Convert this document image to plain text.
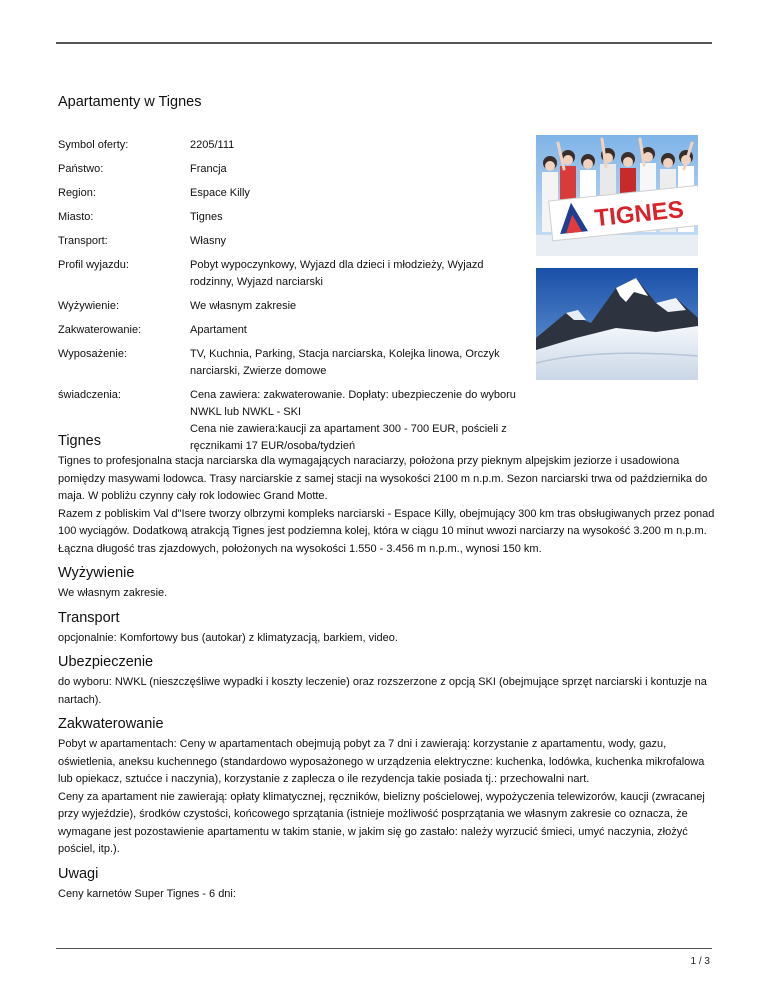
Apartamenty w Tignes
Symbol oferty:	2205/111
Państwo:	Francja
Region:	Espace Killy
Miasto:	Tignes
Transport:	Własny
Profil wyjazdu:	Pobyt wypoczynkowy, Wyjazd dla dzieci i młodzieży, Wyjazd rodzinny, Wyjazd narciarski
Wyżywienie:	We własnym zakresie
Zakwaterowanie:	Apartament
Wyposażenie:	TV, Kuchnia, Parking, Stacja narciarska, Kolejka linowa, Orczyk narciarski, Zwierze domowe
świadczenia:	Cena zawiera: zakwaterowanie. Dopłaty: ubezpieczenie do wyboru NWKL lub NWKL - SKI
Cena nie zawiera:kaucji za apartament 300 - 700 EUR, pościeli z ręcznikami 17 EUR/osoba/tydzień
TIGNES
Tignes

Tignes to profesjonalna stacja narciarska dla wymagających naraciarzy, położona przy pieknym alpejskim jeziorze i usadowiona pomiędzy masywami lodowca. Trasy narciarskie z samej stacji na wysokości 2100 m n.p.m. Sezon narciarski trwa od października do maja. W pobliżu czynny cały rok lodowiec Grand Motte.

Razem z pobliskim Val d"Isere tworzy olbrzymi kompleks narciarski - Espace Killy, obejmujący 300 km tras obsługiwanych przez ponad 100 wyciągów. Dodatkową atrakcją Tignes jest podziemna kolej, która w ciągu 10 minut wwozi narciarzy na wysokość 3.200 m n.p.m. Łączna długość tras zjazdowych, położonych na wysokości 1.550 - 3.456 m n.p.m., wynosi 150 km.

Wyżywienie

We własnym zakresie.

Transport

opcjonalnie: Komfortowy bus (autokar) z klimatyzacją, barkiem, video.

Ubezpieczenie

do wyboru: NWKL (nieszczęśliwe wypadki i koszty leczenie) oraz rozszerzone z opcją SKI (obejmujące sprzęt narciarski i kontuzje na nartach).

Zakwaterowanie

Pobyt w apartamentach: Ceny w apartamentach obejmują pobyt za 7 dni i zawierają: korzystanie z apartamentu, wody, gazu, oświetlenia, aneksu kuchennego (standardowo wyposażonego w urządzenia elektryczne: kuchenka, lodówka, kuchenka mikrofalowa lub opiekacz, sztućce i naczynia), korzystanie z zaplecza o ile rezydencja takie posiada tj.: przechowalni nart.

Ceny za apartament nie zawierają: opłaty klimatycznej, ręczników, bielizny pościelowej, wypożyczenia telewizorów, kaucji (zwracanej przy wyjeździe), środków czystości, końcowego sprzątania (istnieje możliwość posprzątania we własnym zakresie co oznacza, że wymagane jest pozostawienie apartamentu w takim stanie, w jakim się go zastało: należy wyrzucić śmieci, umyć naczynia, złożyć pościel, itp.).

Uwagi

Ceny karnetów Super Tignes - 6 dni:

1 / 3
